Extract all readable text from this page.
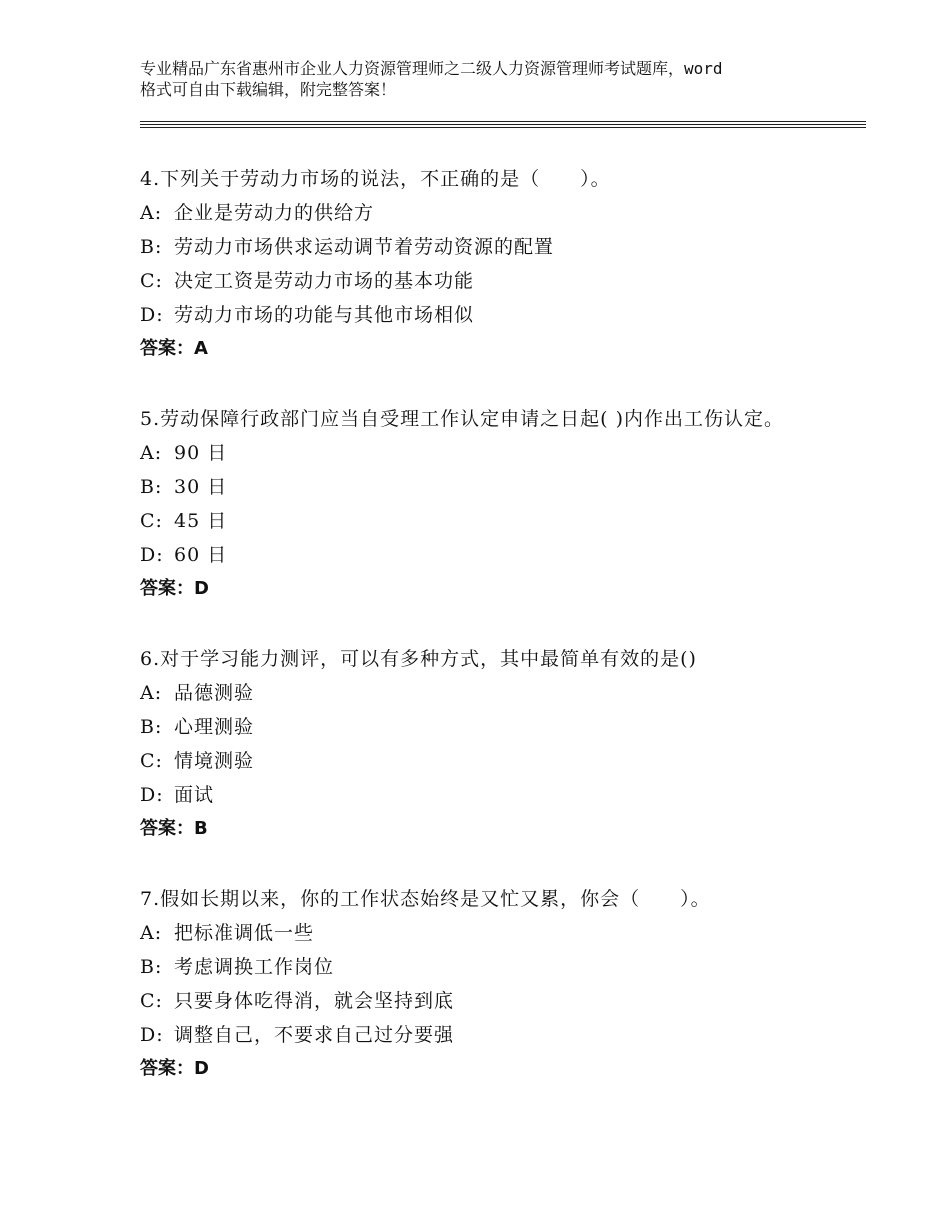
专业精品广东省惠州市企业人力资源管理师之二级人力资源管理师考试题库，word
格式可自由下载编辑，附完整答案！
4.下列关于劳动力市场的说法，不正确的是（　　）。
A: 企业是劳动力的供给方
B: 劳动力市场供求运动调节着劳动资源的配置
C: 决定工资是劳动力市场的基本功能
D: 劳动力市场的功能与其他市场相似
答案：A
5.劳动保障行政部门应当自受理工作认定申请之日起( )内作出工伤认定。
A: 90 日
B: 30 日
C: 45 日
D: 60 日
答案：D
6.对于学习能力测评，可以有多种方式，其中最简单有效的是()
A: 品德测验
B: 心理测验
C: 情境测验
D: 面试
答案：B
7.假如长期以来，你的工作状态始终是又忙又累，你会（　　）。
A: 把标准调低一些
B: 考虑调换工作岗位
C: 只要身体吃得消，就会坚持到底
D: 调整自己，不要求自己过分要强
答案：D
